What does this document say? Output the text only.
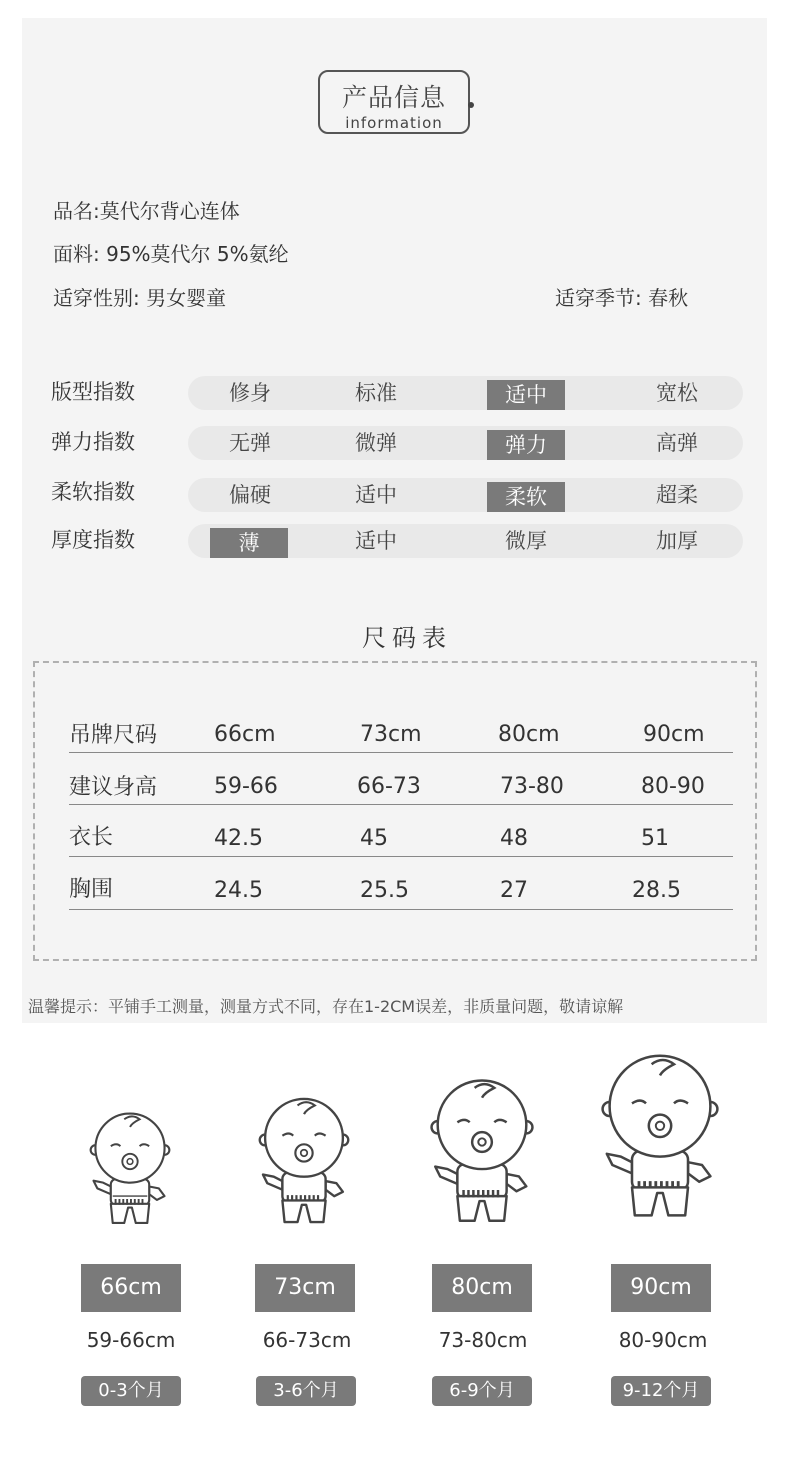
产品信息
information
品名:莫代尔背心连体
面料: 95%莫代尔 5%氨纶
适穿性别: 男女婴童	适穿季节: 春秋
版型指数	修身	标准	适中	宽松
弹力指数	无弹	微弹	弹力	高弹
柔软指数	偏硬	适中	柔软	超柔
厚度指数	薄	适中	微厚	加厚
尺码表
吊牌尺码	66cm	73cm	80cm	90cm
建议身高	59-66	66-73	73-80	80-90
衣长	42.5	45	48	51
胸围	24.5	25.5	27	28.5
温馨提示：平铺手工测量，测量方式不同，存在1-2CM误差，非质量问题，敬请谅解
66cm	73cm	80cm	90cm
59-66cm	66-73cm	73-80cm	80-90cm
0-3个月	3-6个月	6-9个月	9-12个月
